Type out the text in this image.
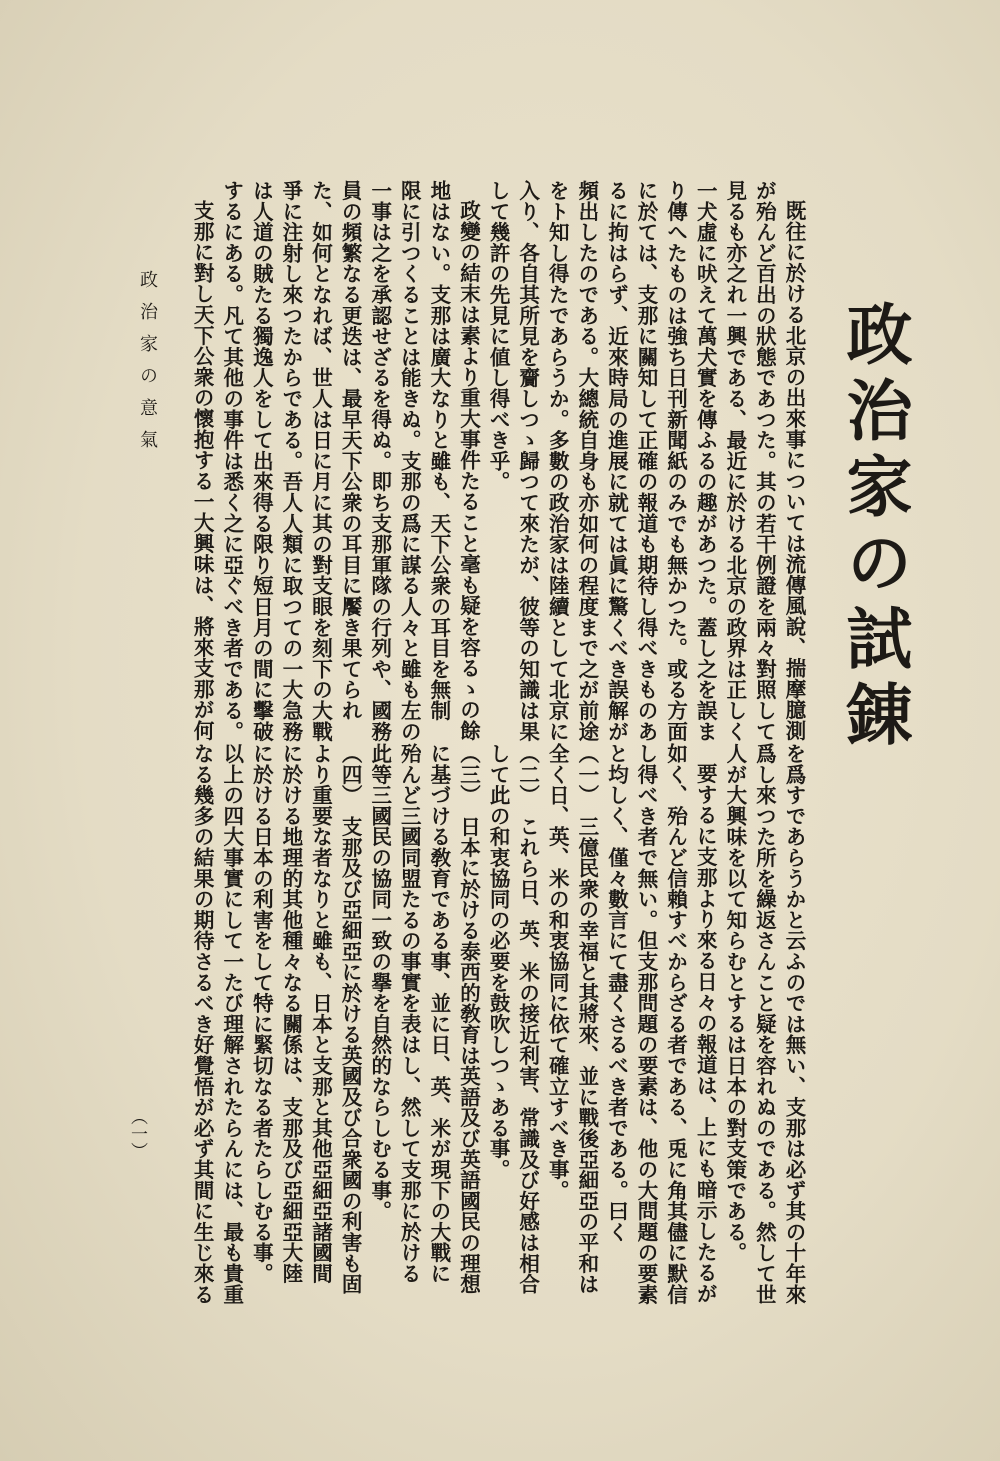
政治家の試錬
政治家の意氣
（一）
既往に於ける北京の出來事については流傳風說、揣摩臆測
が殆んど百出の狀態であつた。其の若干例證を兩々對照して
見るも亦之れ一興である、最近に於ける北京の政界は正しく
一犬虛に吠えて萬犬實を傳ふるの趣があつた。蓋し之を誤ま
り傳へたものは強ち日刊新聞紙のみでも無かつた。或る方面
に於ては、支那に關知して正確の報道も期待し得べきものあ
るに拘はらず、近來時局の進展に就ては眞に驚くべき誤解が
頻出したのである。大總統自身も亦如何の程度まで之が前途
をト知し得たであらうか。多數の政治家は陸續として北京に
入り、各自其所見を齎しつゝ歸つて來たが、彼等の知識は果
して幾許の先見に値し得べき乎。
政變の結末は素より重大事件たること毫も疑を容るゝの餘
地はない。支那は廣大なりと雖も、天下公衆の耳目を無制
限に引つくることは能きぬ。支那の爲に謀る人々と雖も左の
一事は之を承認せざるを得ぬ。即ち支那軍隊の行列や、國務
員の頻繁なる更迭は、最早天下公衆の耳目に饜き果てられ
た、如何となれば、世人は日に月に其の對支眼を刻下の大戰
爭に注射し來つたからである。吾人人類に取つての一大急務
は人道の賊たる獨逸人をして出來得る限り短日月の間に擊破
するにある。凡て其他の事件は悉く之に亞ぐべき者である。
支那に對し天下公衆の懷抱する一大興味は、將來支那が何
を爲すであらうかと云ふのでは無い、支那は必ず其の十年來
爲し來つた所を繰返さんこと疑を容れぬのである。然して世
人が大興味を以て知らむとするは日本の對支策である。
要するに支那より來る日々の報道は、上にも暗示したるが
如く、殆んど信賴すべからざる者である、兎に角其儘に默信
し得べき者で無い。但支那問題の要素は、他の大問題の要素
と均しく、僅々數言にて盡くさるべき者である。曰く
（一）　三億民衆の幸福と其將來、並に戰後亞細亞の平和は
全く日、英、米の和衷協同に依て確立すべき事。
（二）　これら日、英、米の接近利害、常識及び好感は相合
して此の和衷協同の必要を鼓吹しつゝある事。
（三）　日本に於ける泰西的敎育は英語及び英語國民の理想
に基づける敎育である事、並に日、英、米が現下の大戰に
殆んど三國同盟たるの事實を表はし、然して支那に於ける
此等三國民の協同一致の擧を自然的ならしむる事。
（四）　支那及び亞細亞に於ける英國及び合衆國の利害も固
より重要な者なりと雖も、日本と支那と其他亞細亞諸國間
に於ける地理的其他種々なる關係は、支那及び亞細亞大陸
に於ける日本の利害をして特に緊切なる者たらしむる事。
以上の四大事實にして一たび理解されたらんには、最も貴重
なる幾多の結果の期待さるべき好覺悟が必ず其間に生じ來る
